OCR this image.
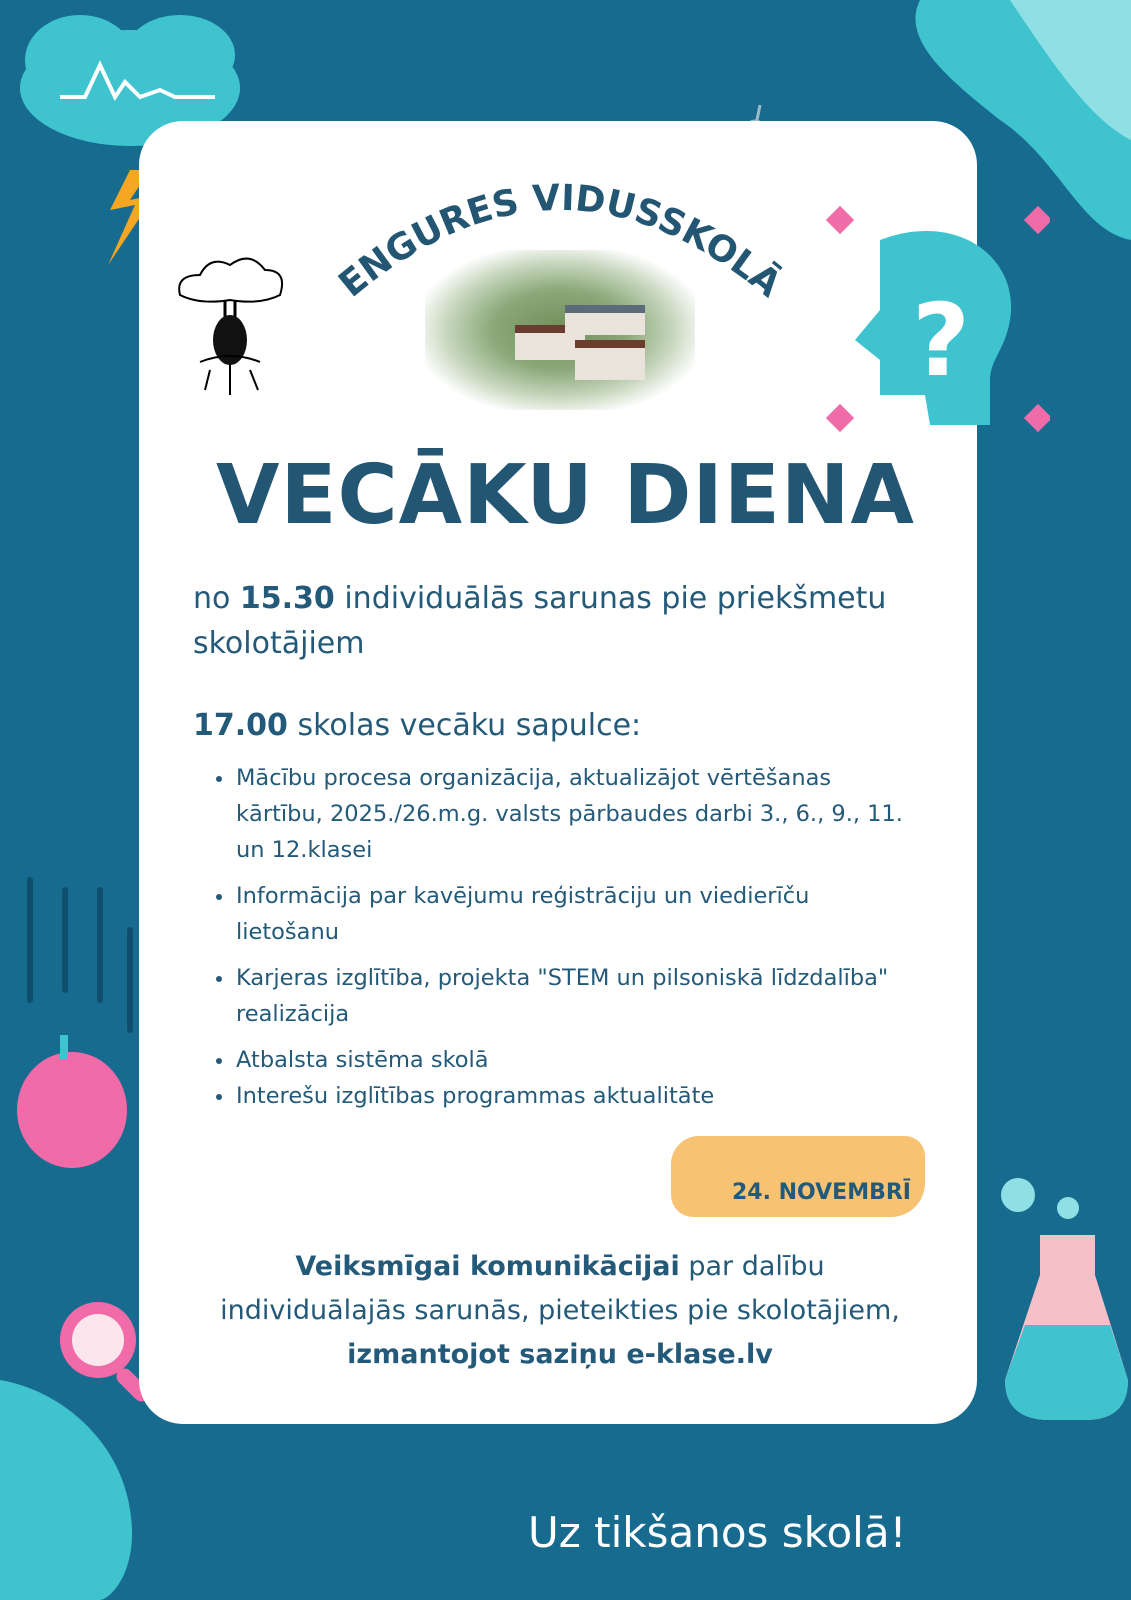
?
ENGURES VIDUSSKOLĀ
VECĀKU DIENA
no 15.30 individuālās sarunas pie priekšmetu skolotājiem
17.00 skolas vecāku sapulce:
Mācību procesa organizācija, aktualizājot vērtēšanas kārtību, 2025./26.m.g. valsts pārbaudes darbi 3., 6., 9., 11. un 12.klasei
Informācija par kavējumu reģistrāciju un viedierīču lietošanu
Karjeras izglītība, projekta "STEM un pilsoniskā līdzdalība" realizācija
Atbalsta sistēma skolā
Interešu izglītības programmas aktualitāte
24. NOVEMBRĪ
Veiksmīgai komunikācijai par dalību individuālajās sarunās, pieteikties pie skolotājiem, izmantojot saziņu e-klase.lv
Uz tikšanos skolā!
